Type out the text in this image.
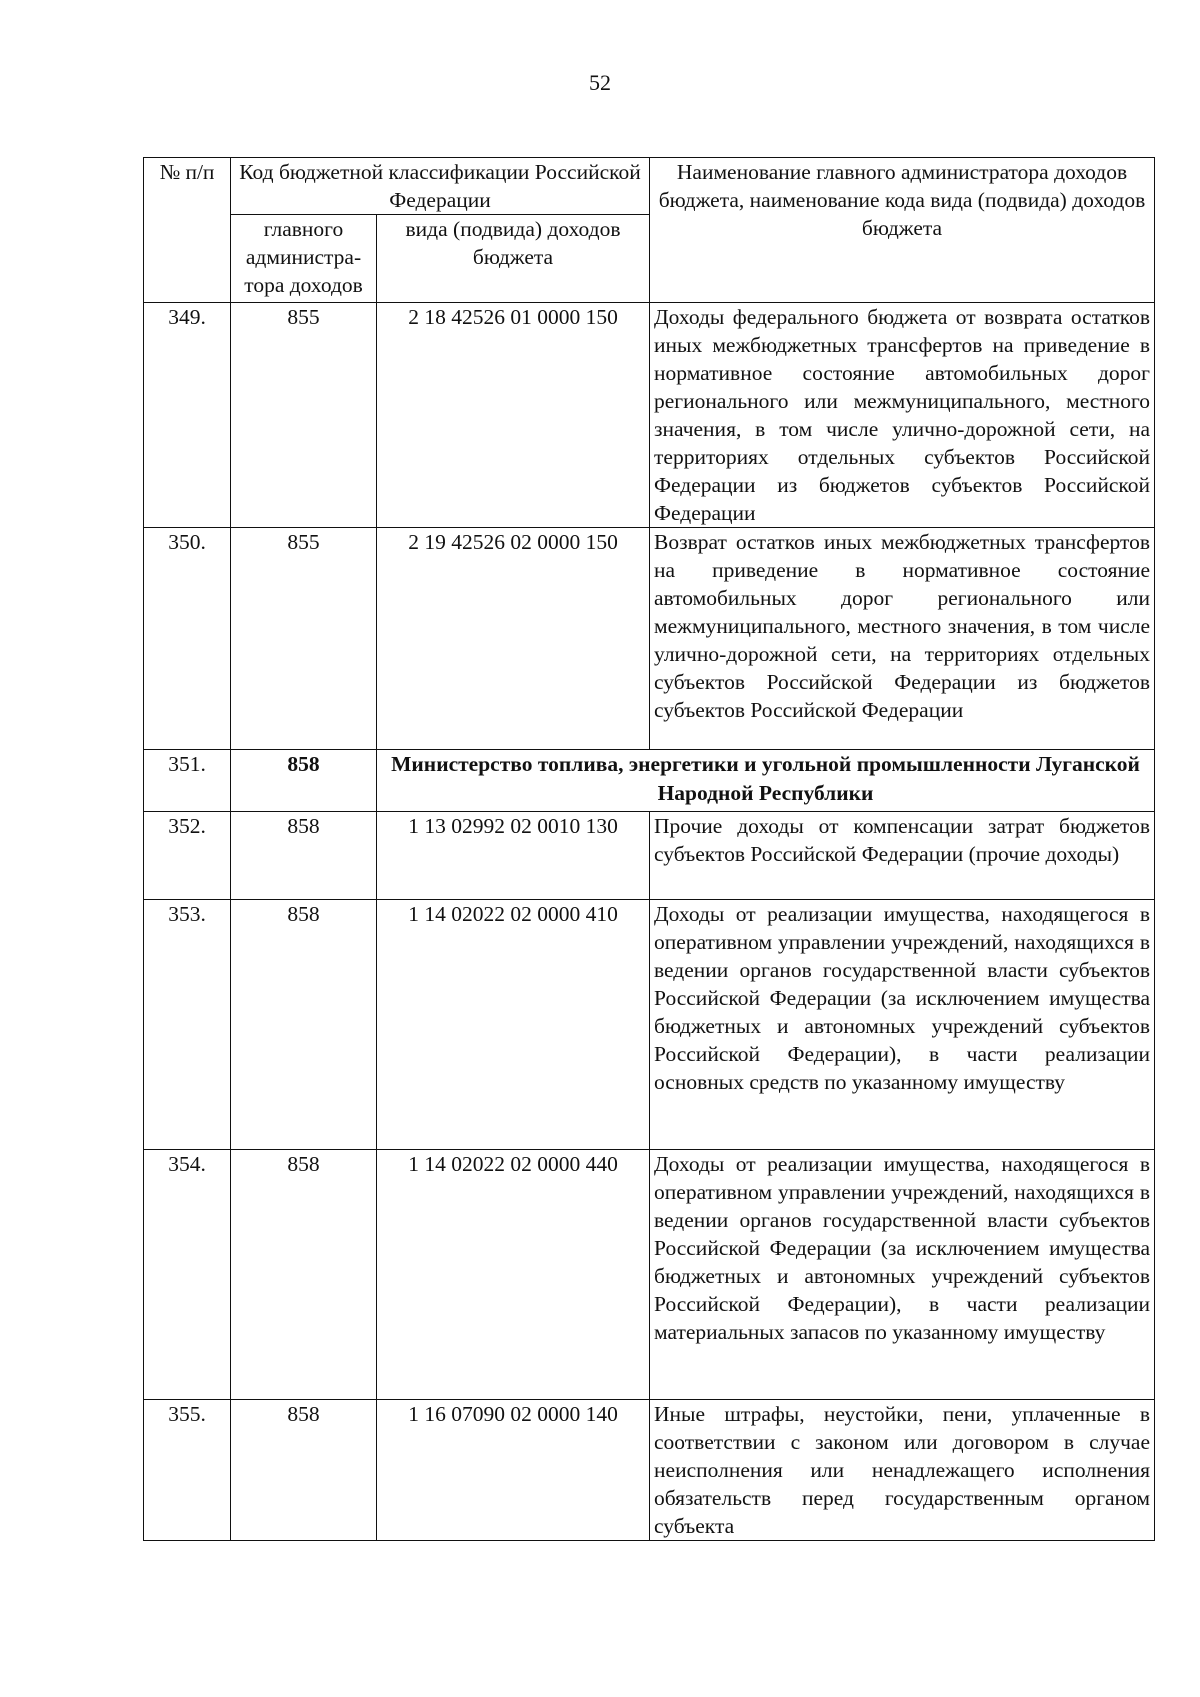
52
№ п/п	Код бюджетной классификации Российской Федерации		Наименование главного администратора доходов бюджета, наименование кода вида (подвида) доходов бюджета
	главного администра-тора доходов	вида (подвида) доходов бюджета	
349.	855	2 18 42526 01 0000 150	Доходы федерального бюджета от возврата остатков иных межбюджетных трансфертов на приведение в нормативное состояние автомобильных дорог регионального или межмуниципального, местного значения, в том числе улично-дорожной сети, на территориях отдельных субъектов Российской Федерации из бюджетов субъектов Российской Федерации
350.	855	2 19 42526 02 0000 150	Возврат остатков иных межбюджетных трансфертов на приведение в нормативное состояние автомобильных дорог регионального или межмуниципального, местного значения, в том числе улично-дорожной сети, на территориях отдельных субъектов Российской Федерации из бюджетов субъектов Российской Федерации
351.	858	Министерство топлива, энергетики и угольной промышленности Луганской Народной Республики	
352.	858	1 13 02992 02 0010 130	Прочие доходы от компенсации затрат бюджетов субъектов Российской Федерации (прочие доходы)
353.	858	1 14 02022 02 0000 410	Доходы от реализации имущества, находящегося в оперативном управлении учреждений, находящихся в ведении органов государственной власти субъектов Российской Федерации (за исключением имущества бюджетных и автономных учреждений субъектов Российской Федерации), в части реализации основных средств по указанному имуществу
354.	858	1 14 02022 02 0000 440	Доходы от реализации имущества, находящегося в оперативном управлении учреждений, находящихся в ведении органов государственной власти субъектов Российской Федерации (за исключением имущества бюджетных и автономных учреждений субъектов Российской Федерации), в части реализации материальных запасов по указанному имуществу
355.	858	1 16 07090 02 0000 140	Иные штрафы, неустойки, пени, уплаченные в соответствии с законом или договором в случае неисполнения или ненадлежащего исполнения обязательств перед государственным органом субъекта
